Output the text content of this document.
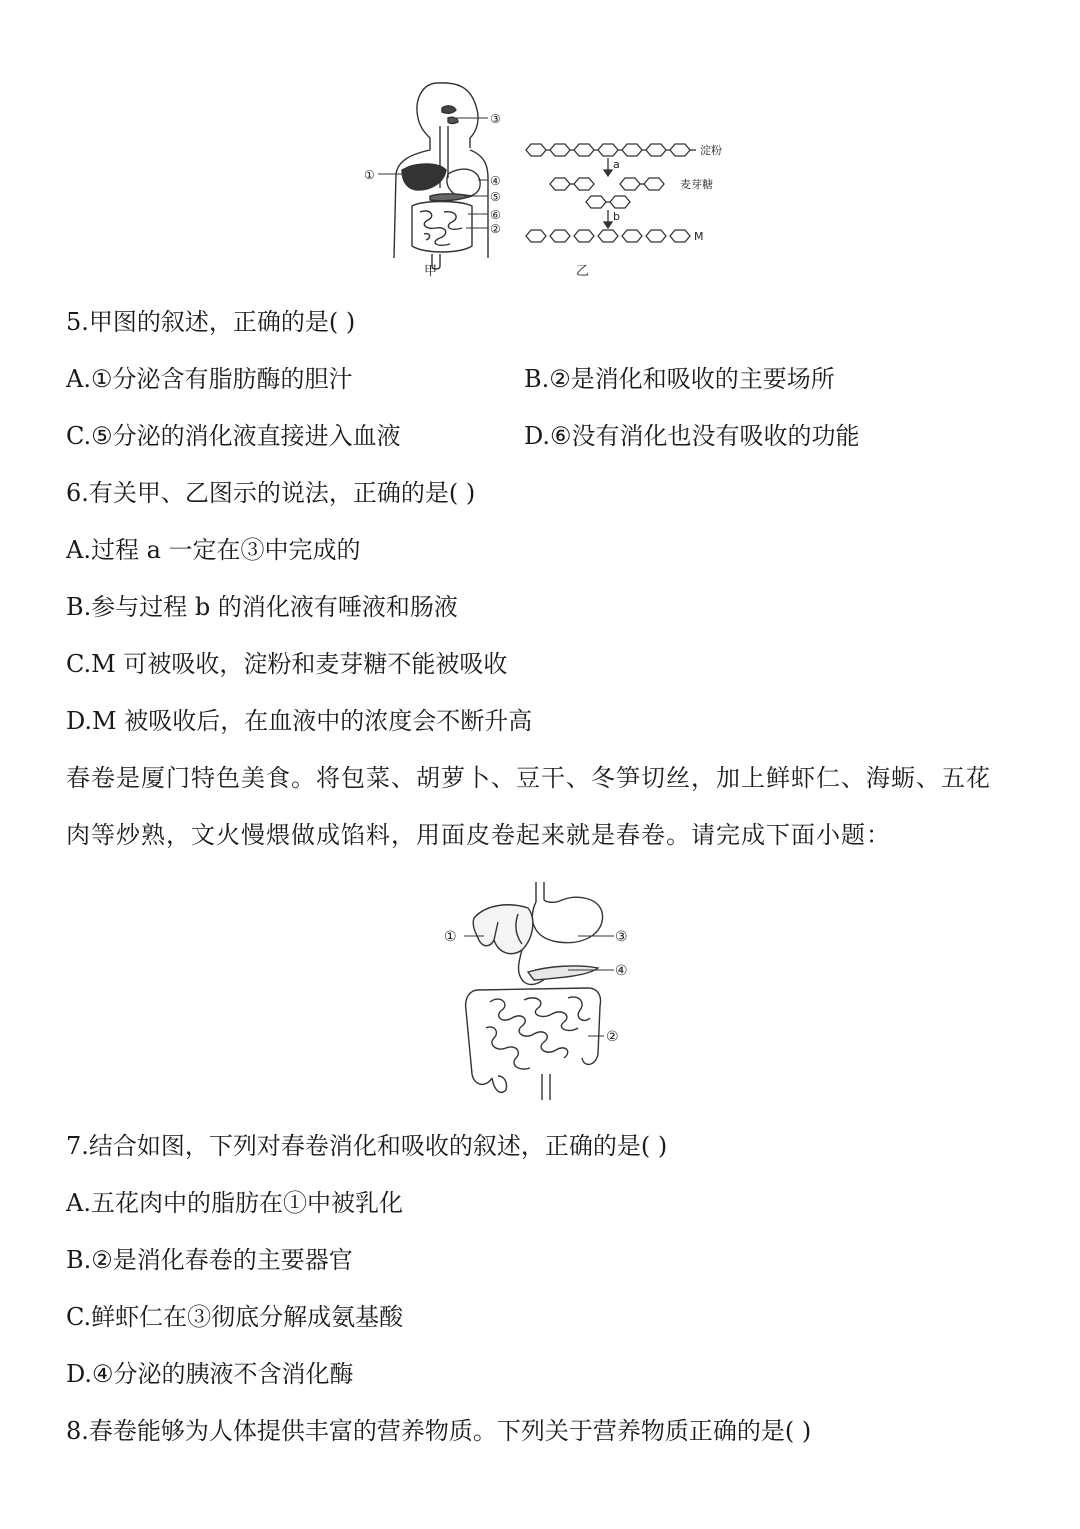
③
①	④
⑤
⑥
②
甲
淀粉
a
麦芽糖
b
M
乙
5.甲图的叙述，正确的是( )
A.①分泌含有脂肪酶的胆汁	B.②是消化和吸收的主要场所
C.⑤分泌的消化液直接进入血液	D.⑥没有消化也没有吸收的功能
6.有关甲、乙图示的说法，正确的是( )
A.过程 a 一定在③中完成的
B.参与过程 b 的消化液有唾液和肠液
C.M 可被吸收，淀粉和麦芽糖不能被吸收
D.M 被吸收后，在血液中的浓度会不断升高
春卷是厦门特色美食。将包菜、胡萝卜、豆干、冬笋切丝，加上鲜虾仁、海蛎、五花
肉等炒熟，文火慢煨做成馅料，用面皮卷起来就是春卷。请完成下面小题：
①	③
④
②
7.结合如图，下列对春卷消化和吸收的叙述，正确的是( )
A.五花肉中的脂肪在①中被乳化
B.②是消化春卷的主要器官
C.鲜虾仁在③彻底分解成氨基酸
D.④分泌的胰液不含消化酶
8.春卷能够为人体提供丰富的营养物质。下列关于营养物质正确的是( )
